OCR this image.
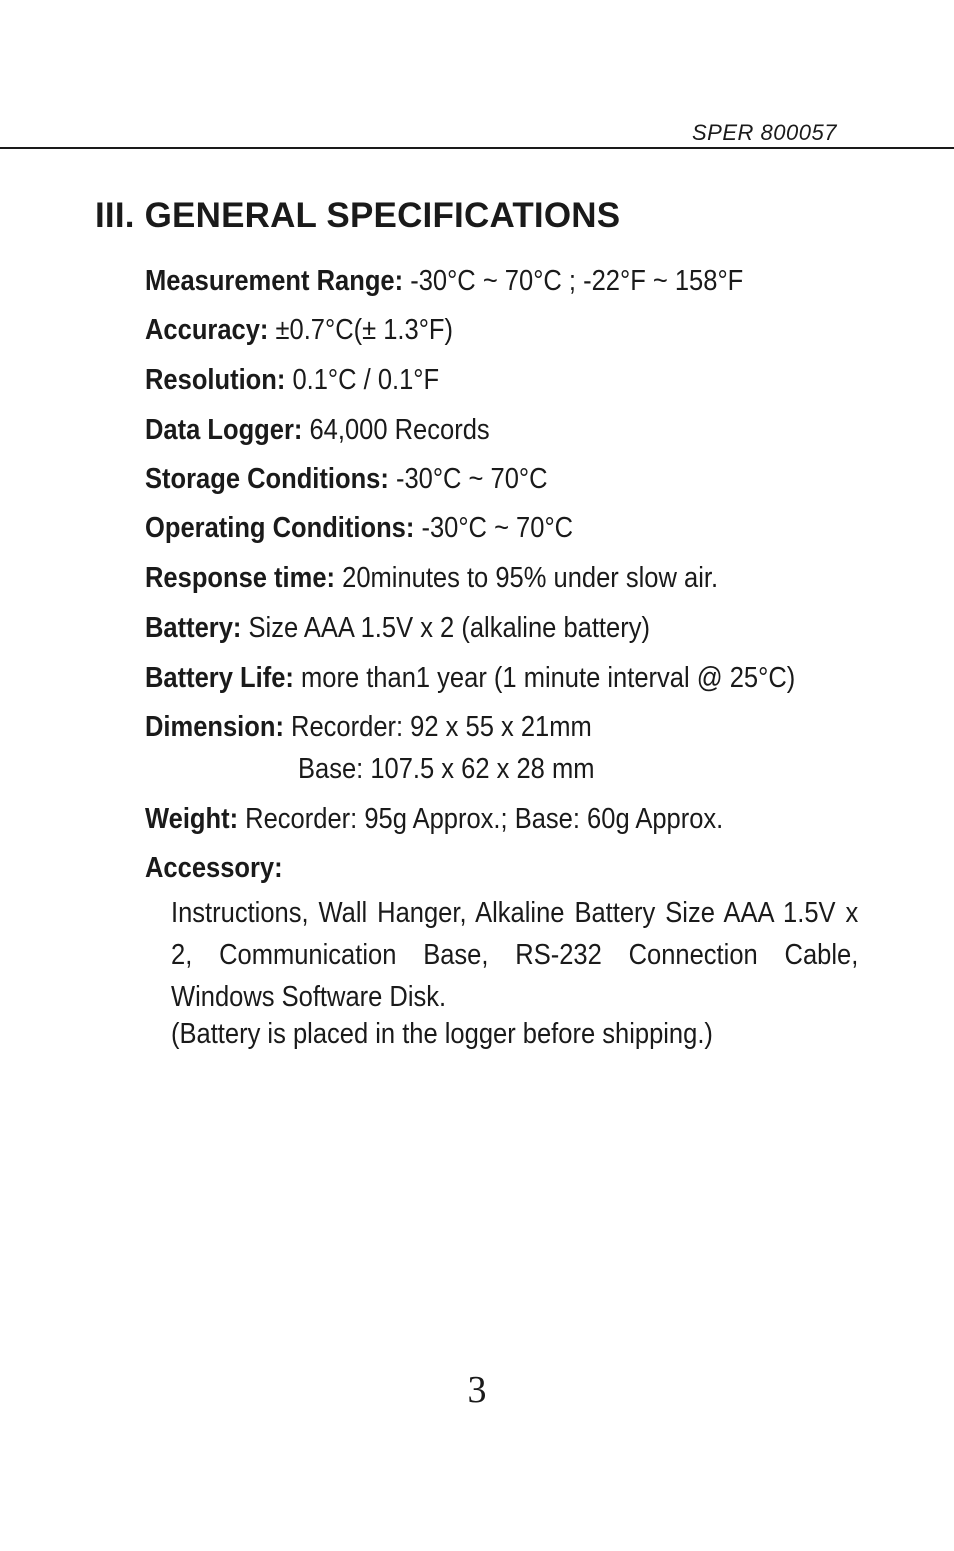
SPER 800057
III. GENERAL SPECIFICATIONS
Measurement Range: -30°C ~ 70°C ; -22°F ~ 158°F
Accuracy: ±0.7°C(± 1.3°F)
Resolution: 0.1°C / 0.1°F
Data Logger: 64,000 Records
Storage Conditions: -30°C ~ 70°C
Operating Conditions: -30°C ~ 70°C
Response time: 20minutes to 95% under slow air.
Battery: Size AAA 1.5V x 2 (alkaline battery)
Battery Life: more than1 year (1 minute interval @ 25°C)
Dimension: Recorder: 92 x 55 x 21mm
Base: 107.5 x 62 x 28 mm
Weight: Recorder: 95g Approx.; Base: 60g Approx.
Accessory:
Instructions, Wall Hanger, Alkaline Battery Size AAA 1.5V x 2, Communication Base, RS-232 Connection Cable, Windows Software Disk.
(Battery is placed in the logger before shipping.)
3
